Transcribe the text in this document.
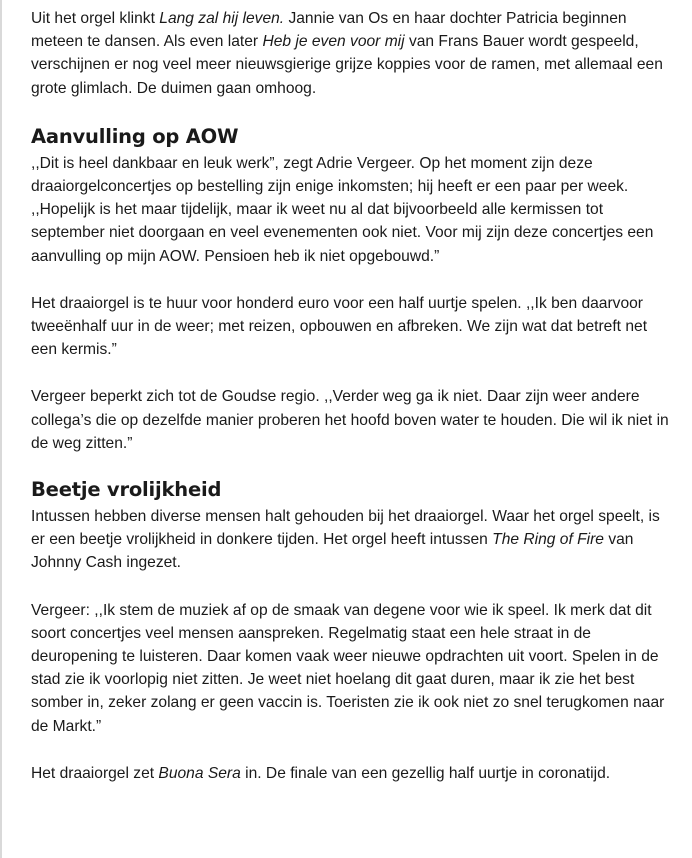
Uit het orgel klinkt Lang zal hij leven. Jannie van Os en haar dochter Patricia beginnen meteen te dansen. Als even later Heb je even voor mij van Frans Bauer wordt gespeeld, verschijnen er nog veel meer nieuwsgierige grijze koppies voor de ramen, met allemaal een grote glimlach. De duimen gaan omhoog.

Aanvulling op AOW

,,Dit is heel dankbaar en leuk werk”, zegt Adrie Vergeer. Op het moment zijn deze draaiorgelconcertjes op bestelling zijn enige inkomsten; hij heeft er een paar per week. ,,Hopelijk is het maar tijdelijk, maar ik weet nu al dat bijvoorbeeld alle kermissen tot september niet doorgaan en veel evenementen ook niet. Voor mij zijn deze concertjes een aanvulling op mijn AOW. Pensioen heb ik niet opgebouwd.”

Het draaiorgel is te huur voor honderd euro voor een half uurtje spelen. ,,Ik ben daarvoor tweeënhalf uur in de weer; met reizen, opbouwen en afbreken. We zijn wat dat betreft net een kermis.”

Vergeer beperkt zich tot de Goudse regio. ,,Verder weg ga ik niet. Daar zijn weer andere collega’s die op dezelfde manier proberen het hoofd boven water te houden. Die wil ik niet in de weg zitten.”

Beetje vrolijkheid

Intussen hebben diverse mensen halt gehouden bij het draaiorgel. Waar het orgel speelt, is er een beetje vrolijkheid in donkere tijden. Het orgel heeft intussen The Ring of Fire van Johnny Cash ingezet.

Vergeer: ,,Ik stem de muziek af op de smaak van degene voor wie ik speel. Ik merk dat dit soort concertjes veel mensen aanspreken. Regelmatig staat een hele straat in de deuropening te luisteren. Daar komen vaak weer nieuwe opdrachten uit voort. Spelen in de stad zie ik voorlopig niet zitten. Je weet niet hoelang dit gaat duren, maar ik zie het best somber in, zeker zolang er geen vaccin is. Toeristen zie ik ook niet zo snel terugkomen naar de Markt.”

Het draaiorgel zet Buona Sera in. De finale van een gezellig half uurtje in coronatijd.
